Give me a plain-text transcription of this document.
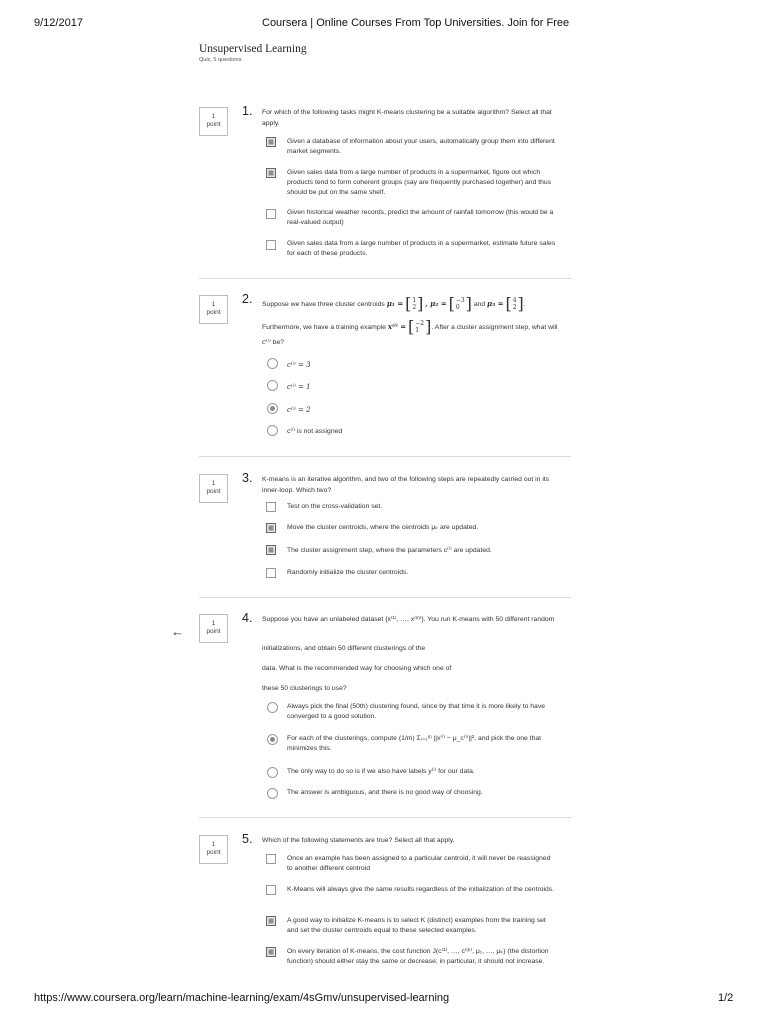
9/12/2017	Coursera | Online Courses From Top Universities. Join for Free
Unsupervised Learning
Quiz, 5 questions
1
point
1. For which of the following tasks might K-means clustering be a suitable algorithm? Select all that apply.
Given a database of information about your users, automatically group them into different market segments.
Given sales data from a large number of products in a supermarket, figure out which products tend to form coherent groups (say are frequently purchased together) and thus should be put on the same shelf.
Given historical weather records, predict the amount of rainfall tomorrow (this would be a real-valued output)
Given sales data from a large number of products in a supermarket, estimate future sales for each of these products.
1
point
2. Suppose we have three cluster centroids μ₁ = [ 1
2 ] , μ₂ = [ −3
0 ] and μ₃ = [ 4
2 ] .
Furthermore, we have a training example x⁽ⁱ⁾ = [ −2
1 ] . After a cluster assignment step, what will
c⁽ⁱ⁾ be?
c⁽ⁱ⁾ = 3
c⁽ⁱ⁾ = 1
c⁽ⁱ⁾ = 2
c⁽ⁱ⁾ is not assigned
1
point
3. K-means is an iterative algorithm, and two of the following steps are repeatedly carried out in its inner-loop. Which two?
Test on the cross-validation set.
Move the cluster centroids, where the centroids μₖ are updated.
The cluster assignment step, where the parameters c⁽ⁱ⁾ are updated.
Randomly initialize the cluster centroids.
←
1
point
4. Suppose you have an unlabeled dataset {x⁽¹⁾, …, x⁽ᵐ⁾}. You run K-means with 50 different random
initializations, and obtain 50 different clusterings of the
data. What is the recommended way for choosing which one of
these 50 clusterings to use?
Always pick the final (50th) clustering found, since by that time it is more likely to have converged to a good solution.
For each of the clusterings, compute (1/m) Σᵢ₌₁ᵐ ||x⁽ⁱ⁾ − μ_c⁽ⁱ⁾||², and pick the one that minimizes this.
The only way to do so is if we also have labels y⁽ⁱ⁾ for our data.
The answer is ambiguous, and there is no good way of choosing.
1
point
5. Which of the following statements are true? Select all that apply.
Once an example has been assigned to a particular centroid, it will never be reassigned to another different centroid
K-Means will always give the same results regardless of the initialization of the centroids.
A good way to initialize K-means is to select K (distinct) examples from the training set and set the cluster centroids equal to these selected examples.
On every iteration of K-means, the cost function J(c⁽¹⁾, …, c⁽ᵐ⁾, μ₁, …, μₖ) (the distortion function) should either stay the same or decrease; in particular, it should not increase.
https://www.coursera.org/learn/machine-learning/exam/4sGmv/unsupervised-learning	1/2
